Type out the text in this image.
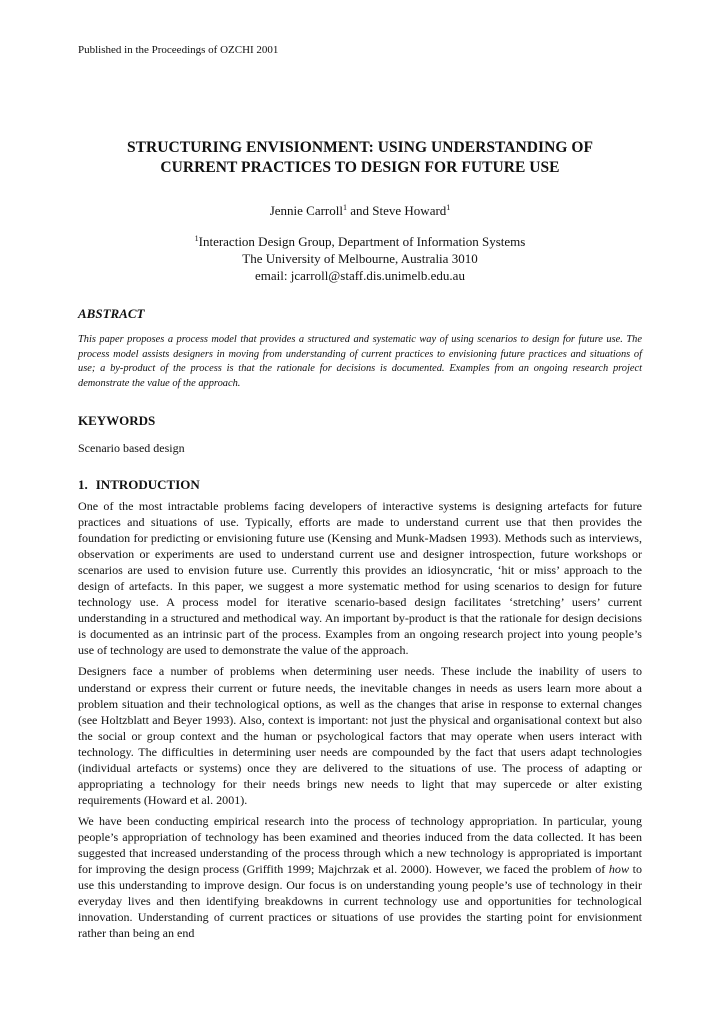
Published in the Proceedings of OZCHI 2001
STRUCTURING ENVISIONMENT: USING UNDERSTANDING OF
CURRENT PRACTICES TO DESIGN FOR FUTURE USE
Jennie Carroll$^1$ and Steve Howard$^1$
$^1$Interaction Design Group, Department of Information Systems
The University of Melbourne, Australia 3010
email: jcarroll@staff.dis.unimelb.edu.au
ABSTRACT
This paper proposes a process model that provides a structured and systematic way of using scenarios to design for future use. The process model assists designers in moving from understanding of current practices to envisioning future practices and situations of use; a by-product of the process is that the rationale for decisions is documented. Examples from an ongoing research project demonstrate the value of the approach.
KEYWORDS
Scenario based design
1. INTRODUCTION

One of the most intractable problems facing developers of interactive systems is designing artefacts for future practices and situations of use. Typically, efforts are made to understand current use that then provides the foundation for predicting or envisioning future use (Kensing and Munk-Madsen 1993). Methods such as interviews, observation or experiments are used to understand current use and designer introspection, future workshops or scenarios are used to envision future use. Currently this provides an idiosyncratic, ‘hit or miss’ approach to the design of artefacts. In this paper, we suggest a more systematic method for using scenarios to design for future technology use. A process model for iterative scenario-based design facilitates ‘stretching’ users’ current understanding in a structured and methodical way. An important by-product is that the rationale for design decisions is documented as an intrinsic part of the process. Examples from an ongoing research project into young people’s use of technology are used to demonstrate the value of the approach.

Designers face a number of problems when determining user needs. These include the inability of users to understand or express their current or future needs, the inevitable changes in needs as users learn more about a problem situation and their technological options, as well as the changes that arise in response to external changes (see Holtzblatt and Beyer 1993). Also, context is important: not just the physical and organisational context but also the social or group context and the human or psychological factors that may operate when users interact with technology. The difficulties in determining user needs are compounded by the fact that users adapt technologies (individual artefacts or systems) once they are delivered to the situations of use. The process of adapting or appropriating a technology for their needs brings new needs to light that may supercede or alter existing requirements (Howard et al. 2001).

We have been conducting empirical research into the process of technology appropriation. In particular, young people’s appropriation of technology has been examined and theories induced from the data collected. It has been suggested that increased understanding of the process through which a new technology is appropriated is important for improving the design process (Griffith 1999; Majchrzak et al. 2000). However, we faced the problem of how to use this understanding to improve design. Our focus is on understanding young people’s use of technology in their everyday lives and then identifying breakdowns in current technology use and opportunities for technological innovation. Understanding of current practices or situations of use provides the starting point for envisionment rather than being an end
